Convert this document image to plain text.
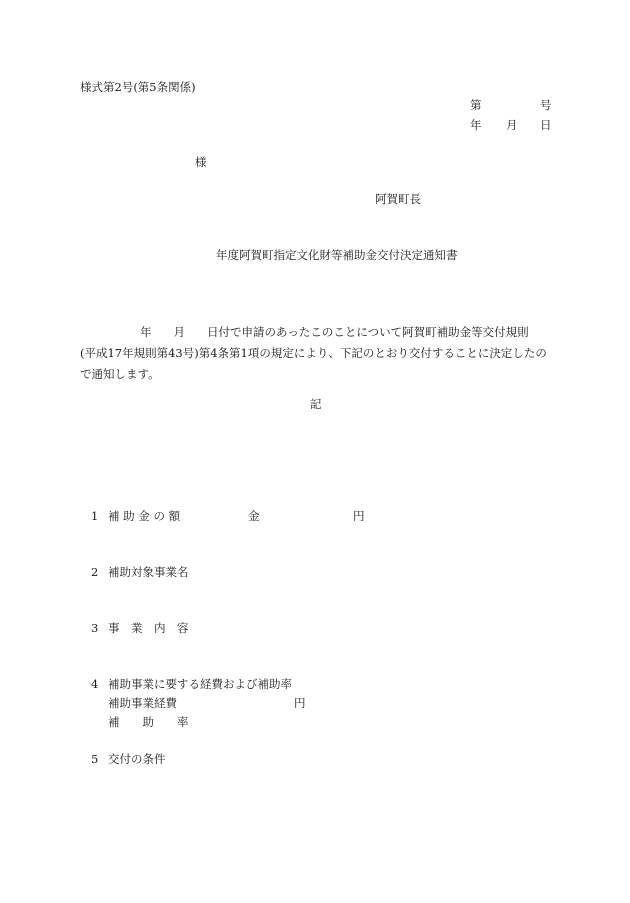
様式第2号(第5条関係)
第	号
年 月 日
様
阿賀町長
年度阿賀町指定文化財等補助金交付決定通知書
年 月 日付で申請のあったこのことについて阿賀町補助金等交付規則
(平成17年規則第43号)第4条第1項の規定により、下記のとおり交付することに決定したの
で通知します。
記
1 補 助 金 の 額	金	円
2 補助対象事業名
3 事　業　内　容
4 補助事業に要する経費および補助率
補助事業経費	円
補　　助　　率
5 交付の条件
